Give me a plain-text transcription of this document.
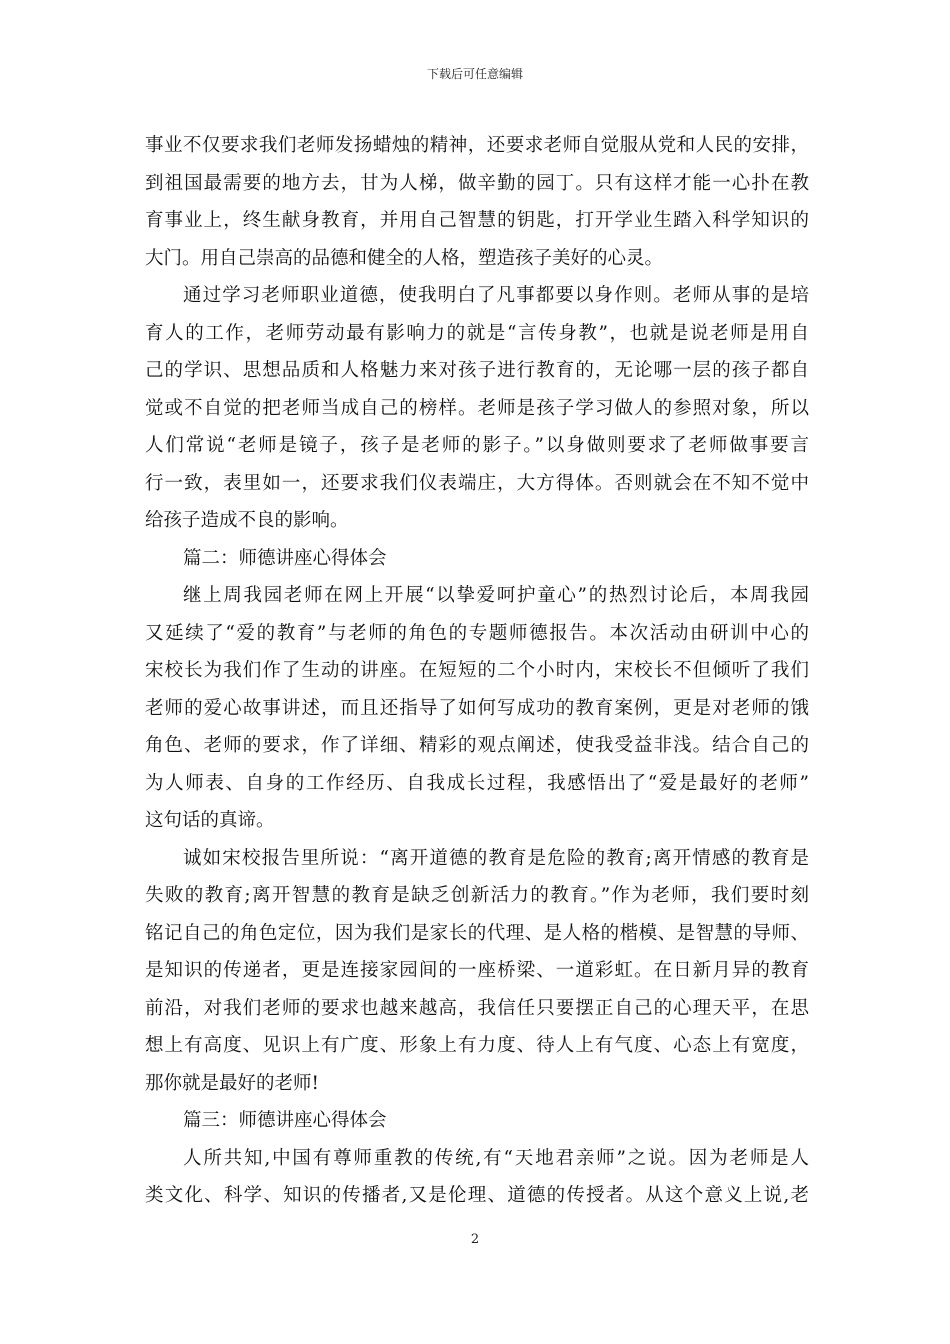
下载后可任意编辑
事业不仅要求我们老师发扬蜡烛的精神，还要求老师自觉服从党和人民的安排，
到祖国最需要的地方去，甘为人梯，做辛勤的园丁。只有这样才能一心扑在教
育事业上，终生献身教育，并用自己智慧的钥匙，打开学业生踏入科学知识的
大门。用自己崇高的品德和健全的人格，塑造孩子美好的心灵。
通过学习老师职业道德，使我明白了凡事都要以身作则。老师从事的是培
育人的工作，老师劳动最有影响力的就是“言传身教”，也就是说老师是用自
己的学识、思想品质和人格魅力来对孩子进行教育的，无论哪一层的孩子都自
觉或不自觉的把老师当成自己的榜样。老师是孩子学习做人的参照对象，所以
人们常说“老师是镜子，孩子是老师的影子。”以身做则要求了老师做事要言
行一致，表里如一，还要求我们仪表端庄，大方得体。否则就会在不知不觉中
给孩子造成不良的影响。
篇二：师德讲座心得体会
继上周我园老师在网上开展“以挚爱呵护童心”的热烈讨论后，本周我园
又延续了“爱的教育”与老师的角色的专题师德报告。本次活动由研训中心的
宋校长为我们作了生动的讲座。在短短的二个小时内，宋校长不但倾听了我们
老师的爱心故事讲述，而且还指导了如何写成功的教育案例，更是对老师的饿
角色、老师的要求，作了详细、精彩的观点阐述，使我受益非浅。结合自己的
为人师表、自身的工作经历、自我成长过程，我感悟出了“爱是最好的老师”
这句话的真谛。
诚如宋校报告里所说：“离开道德的教育是危险的教育;离开情感的教育是
失败的教育;离开智慧的教育是缺乏创新活力的教育。”作为老师，我们要时刻
铭记自己的角色定位，因为我们是家长的代理、是人格的楷模、是智慧的导师、
是知识的传递者，更是连接家园间的一座桥梁、一道彩虹。在日新月异的教育
前沿，对我们老师的要求也越来越高，我信任只要摆正自己的心理天平，在思
想上有高度、见识上有广度、形象上有力度、待人上有气度、心态上有宽度，
那你就是最好的老师!
篇三：师德讲座心得体会
人所共知,中国有尊师重教的传统,有“天地君亲师”之说。因为老师是人
类文化、科学、知识的传播者,又是伦理、道德的传授者。从这个意义上说,老
2
